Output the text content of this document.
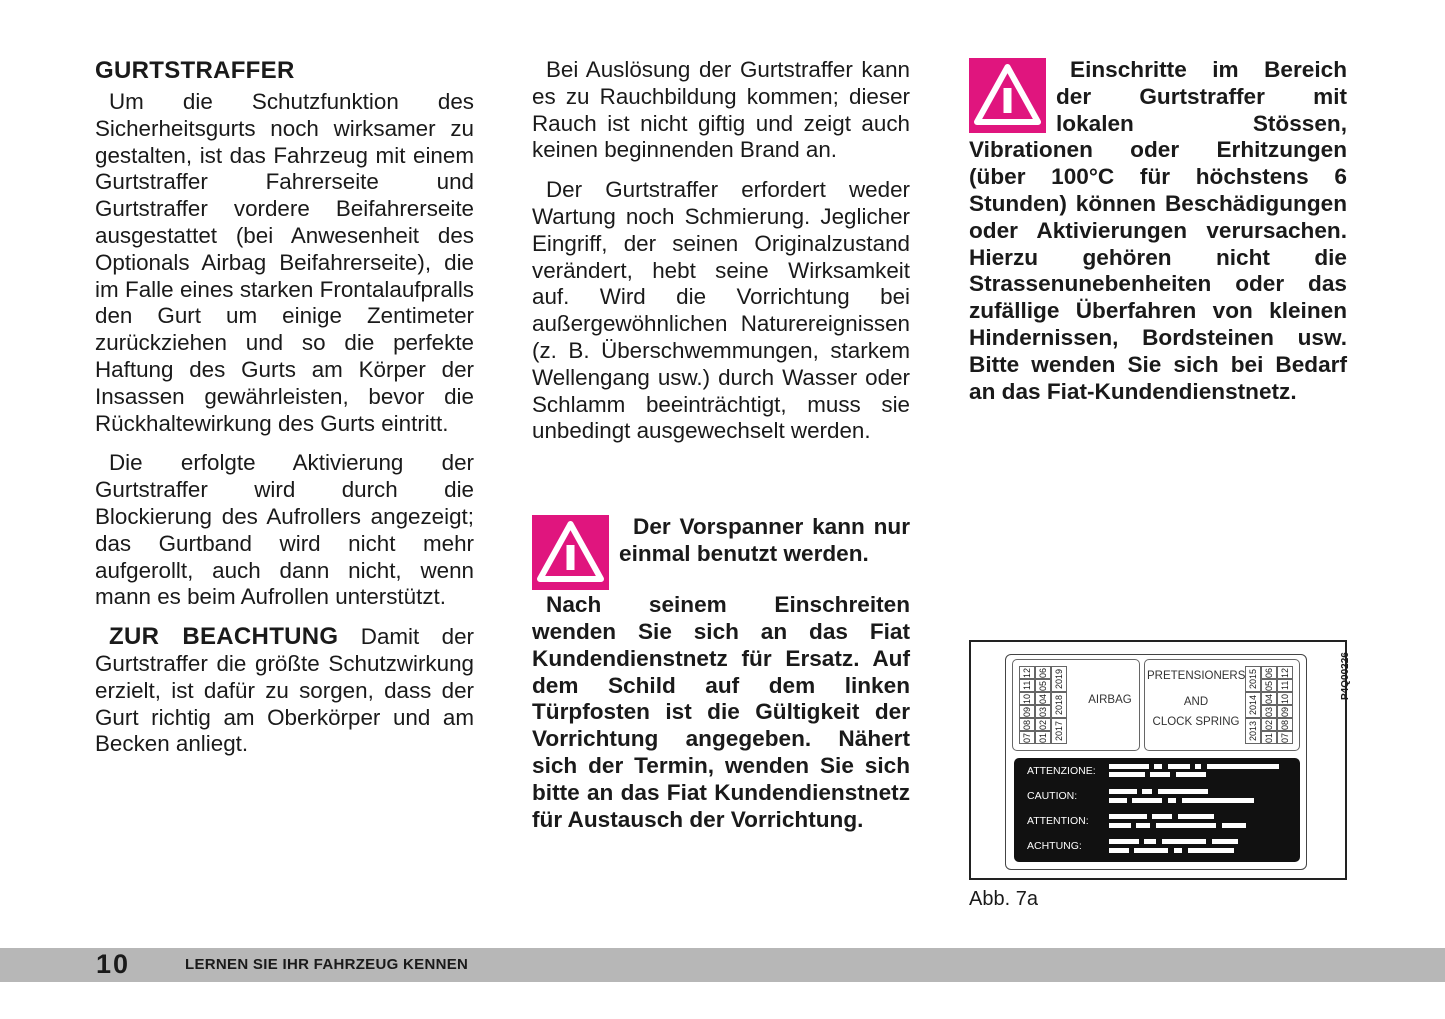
GURTSTRAFFER

Um die Schutzfunktion des Sicherheitsgurts noch wirksamer zu gestalten, ist das Fahrzeug mit einem Gurtstraffer Fahrerseite und Gurtstraffer vordere Beifahrerseite ausgestattet (bei Anwesenheit des Optionals Airbag Beifahrerseite), die im Falle eines starken Frontalaufpralls den Gurt um einige Zentimeter zurückziehen und so die perfekte Haftung des Gurts am Körper der Insassen gewährleisten, bevor die Rückhaltewirkung des Gurts eintritt.

Die erfolgte Aktivierung der Gurtstraffer wird durch die Blockierung des Aufrollers angezeigt; das Gurtband wird nicht mehr aufgerollt, auch dann nicht, wenn mann es beim Aufrollen unterstützt.

ZUR BEACHTUNG Damit der Gurtstraffer die größte Schutzwirkung erzielt, ist dafür zu sorgen, dass der Gurt richtig am Oberkörper und am Becken anliegt.

Bei Auslösung der Gurtstraffer kann es zu Rauchbildung kommen; dieser Rauch ist nicht giftig und zeigt auch keinen beginnenden Brand an.

Der Gurtstraffer erfordert weder Wartung noch Schmierung. Jeglicher Eingriff, der seinen Originalzustand verändert, hebt seine Wirksamkeit auf. Wird die Vorrichtung bei außergewöhnlichen Naturereignissen (z. B. Überschwemmungen, starkem Wellengang usw.) durch Wasser oder Schlamm beeinträchtigt, muss sie unbedingt ausgewechselt werden.

Der Vorspanner kann nur einmal benutzt werden.
Nach seinem Einschreiten wenden Sie sich an das Fiat Kundendienstnetz für Ersatz. Auf dem Schild auf dem linken Türpfosten ist die Gültigkeit der Vorrichtung angegeben. Nähert sich der Termin, wenden Sie sich bitte an das Fiat Kundendienstnetz für Austausch der Vorrichtung.
Einschritte im Bereich der Gurtstraffer mit lokalen Stössen, Vibrationen oder Erhitzungen (über 100°C für höchstens 6 Stunden) können Beschädigungen oder Aktivierungen verursachen. Hierzu gehören nicht die Strassenunebenheiten oder das zufällige Überfahren von kleinen Hindernissen, Bordsteinen usw. Bitte wenden Sie sich bei Bedarf an das Fiat-Kundendienstnetz.
12
11
10
09
08
07
06
05
04
03
02
01
2019
2018
2017
AIRBAG
PRETENSIONERS
AND
CLOCK SPRING
2015
2014
2013
06
05
04
03
02
01
12
11
10
09
08
07
ATTENZIONE:
CAUTION:
ATTENTION:
ACHTUNG:
P4Q00226
Abb. 7a
10	LERNEN SIE IHR FAHRZEUG KENNEN
